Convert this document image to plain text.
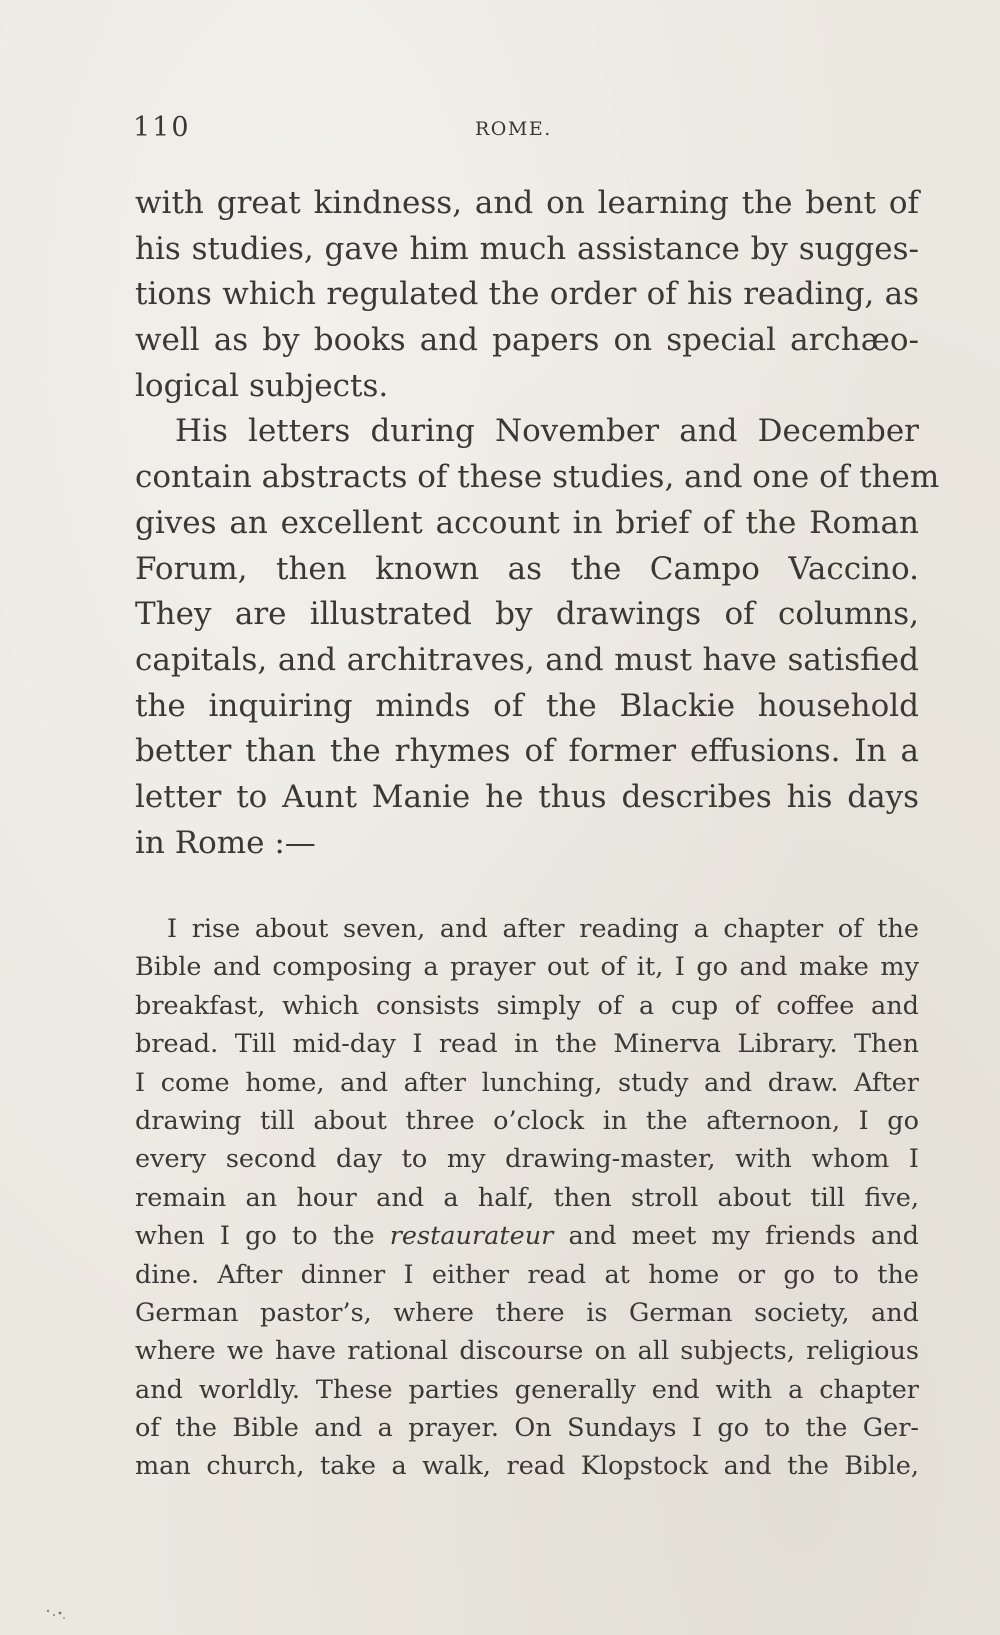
110	ROME.
with great kindness, and on learning the bent of
his studies, gave him much assistance by sugges-
tions which regulated the order of his reading, as
well as by books and papers on special archæo-
logical subjects.
His letters during November and December
contain abstracts of these studies, and one of them
gives an excellent account in brief of the Roman
Forum, then known as the Campo Vaccino.
They are illustrated by drawings of columns,
capitals, and architraves, and must have satisfied
the inquiring minds of the Blackie household
better than the rhymes of former effusions. In a
letter to Aunt Manie he thus describes his days
in Rome :—
I rise about seven, and after reading a chapter of the
Bible and composing a prayer out of it, I go and make my
breakfast, which consists simply of a cup of coffee and
bread. Till mid-day I read in the Minerva Library. Then
I come home, and after lunching, study and draw. After
drawing till about three o’clock in the afternoon, I go
every second day to my drawing-master, with whom I
remain an hour and a half, then stroll about till five,
when I go to the restaurateur and meet my friends and
dine. After dinner I either read at home or go to the
German pastor’s, where there is German society, and
where we have rational discourse on all subjects, religious
and worldly. These parties generally end with a chapter
of the Bible and a prayer. On Sundays I go to the Ger-
man church, take a walk, read Klopstock and the Bible,
